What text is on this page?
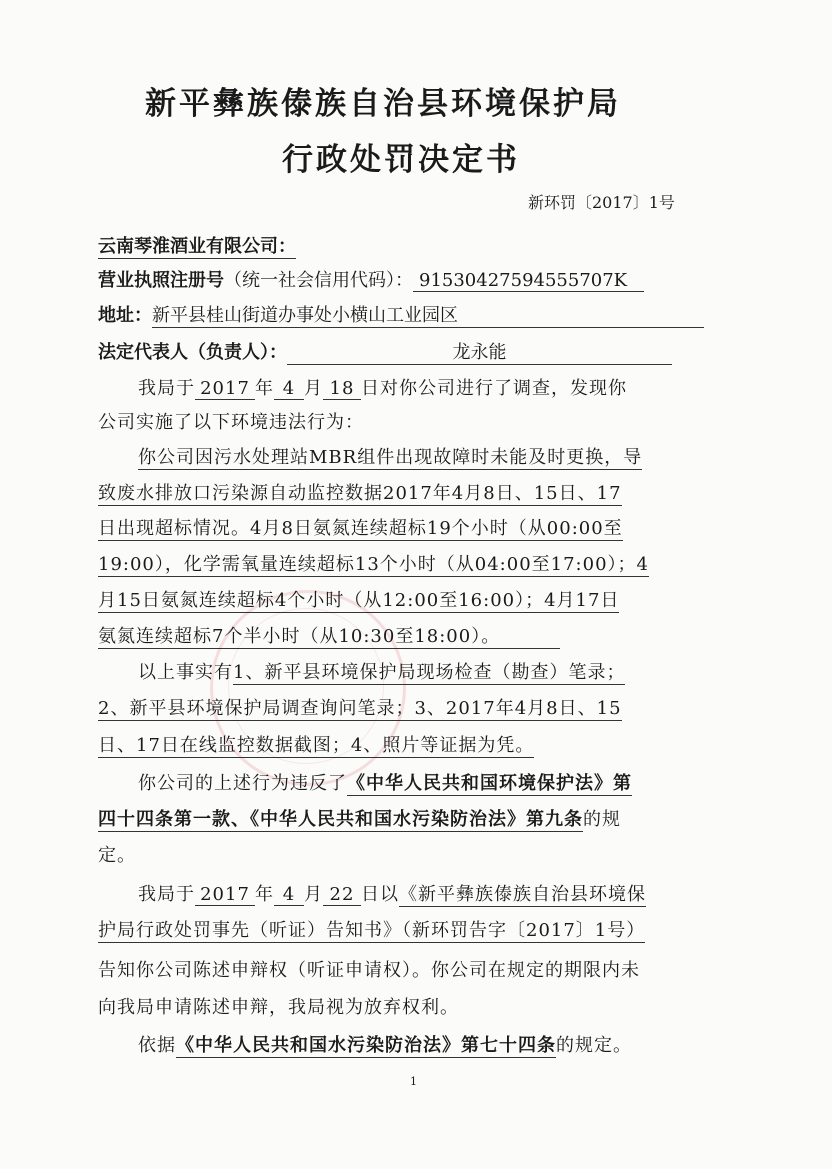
新平彝族傣族自治县环境保护局
行政处罚决定书
新环罚〔2017〕1号
云南琴淮酒业有限公司：
营业执照注册号（统一社会信用代码）： 91530427594555707K
地址：新平县桂山街道办事处小横山工业园区
法定代表人（负责人）：	龙永能
我局于 2017 年 4 月 18 日对你公司进行了调查，发现你
公司实施了以下环境违法行为：
你公司因污水处理站MBR组件出现故障时未能及时更换，导
致废水排放口污染源自动监控数据2017年4月8日、15日、17
日出现超标情况。4月8日氨氮连续超标19个小时（从00:00至
19:00），化学需氧量连续超标13个小时（从04:00至17:00）；4
月15日氨氮连续超标4个小时（从12:00至16:00）；4月17日
氨氮连续超标7个半小时（从10:30至18:00）。
以上事实有1、新平县环境保护局现场检查（勘查）笔录；
2、新平县环境保护局调查询问笔录；3、2017年4月8日、15
日、17日在线监控数据截图；4、照片等证据为凭。
你公司的上述行为违反了《中华人民共和国环境保护法》第
四十四条第一款、《中华人民共和国水污染防治法》第九条的规
定。
我局于 2017 年 4 月 22 日以《新平彝族傣族自治县环境保
护局行政处罚事先（听证）告知书》（新环罚告字〔2017〕1号）
告知你公司陈述申辩权（听证申请权）。你公司在规定的期限内未
向我局申请陈述申辩，我局视为放弃权利。
依据《中华人民共和国水污染防治法》第七十四条的规定。
1
